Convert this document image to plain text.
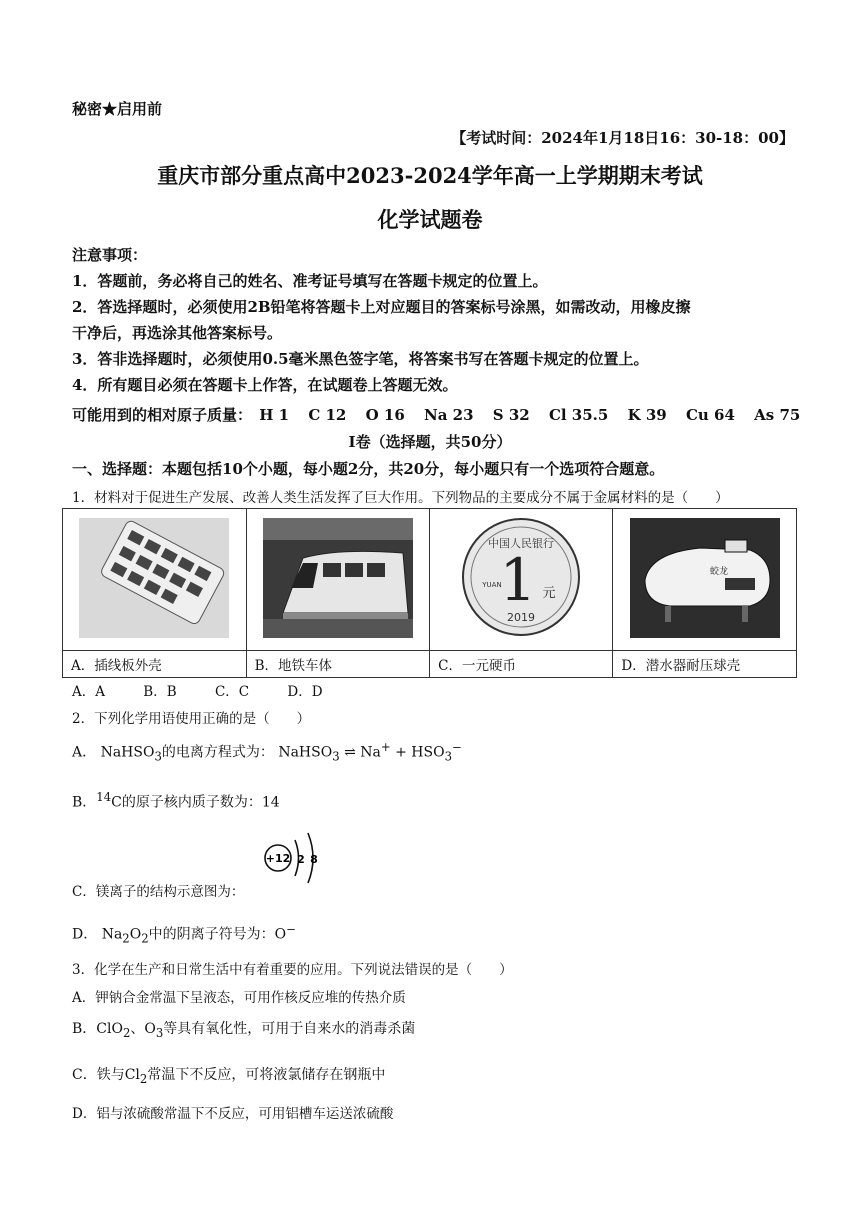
秘密★启用前
【考试时间：2024年1月18日16：30-18：00】
重庆市部分重点高中2023-2024学年高一上学期期末考试
化学试题卷
注意事项：
1．答题前，务必将自己的姓名、准考证号填写在答题卡规定的位置上。
2．答选择题时，必须使用2B铅笔将答题卡上对应题目的答案标号涂黑，如需改动，用橡皮擦
干净后，再选涂其他答案标号。
3．答非选择题时，必须使用0.5毫米黑色签字笔，将答案书写在答题卡规定的位置上。
4．所有题目必须在答题卡上作答，在试题卷上答题无效。
可能用到的相对原子质量： H 1 C 12 O 16 Na 23 S 32 Cl 35.5 K 39 Cu 64 As 75
Ⅰ卷（选择题，共50分）
一、选择题：本题包括10个小题，每小题2分，共20分，每小题只有一个选项符合题意。
1．材料对于促进生产发展、改善人类生活发挥了巨大作用。下列物品的主要成分不属于金属材料的是（　　）

中国人民银行
1 元
YUAN
2019	蛟龙

A．插线板外壳	B．地铁车体	C．一元硬币	D．潜水器耐压球壳
A．A	B．B	C．C	D．D
2．下列化学用语使用正确的是（　　）
A． NaHSO$_3$的电离方程式为： NaHSO$_3$ ⇌ $Na^+ + HSO_3^-$
B．$^{14}$C的原子核内质子数为：14
+12 2 8
C．镁离子的结构示意图为：
D． $Na_2O_2$中的阴离子符号为：O−
3．化学在生产和日常生活中有着重要的应用。下列说法错误的是（　　）
A．钾钠合金常温下呈液态，可用作核反应堆的传热介质
B．ClO$_2$、$O_3$等具有氧化性，可用于自来水的消毒杀菌
C．铁与$Cl_2$常温下不反应，可将液氯储存在钢瓶中
D．铝与浓硫酸常温下不反应，可用铝槽车运送浓硫酸
